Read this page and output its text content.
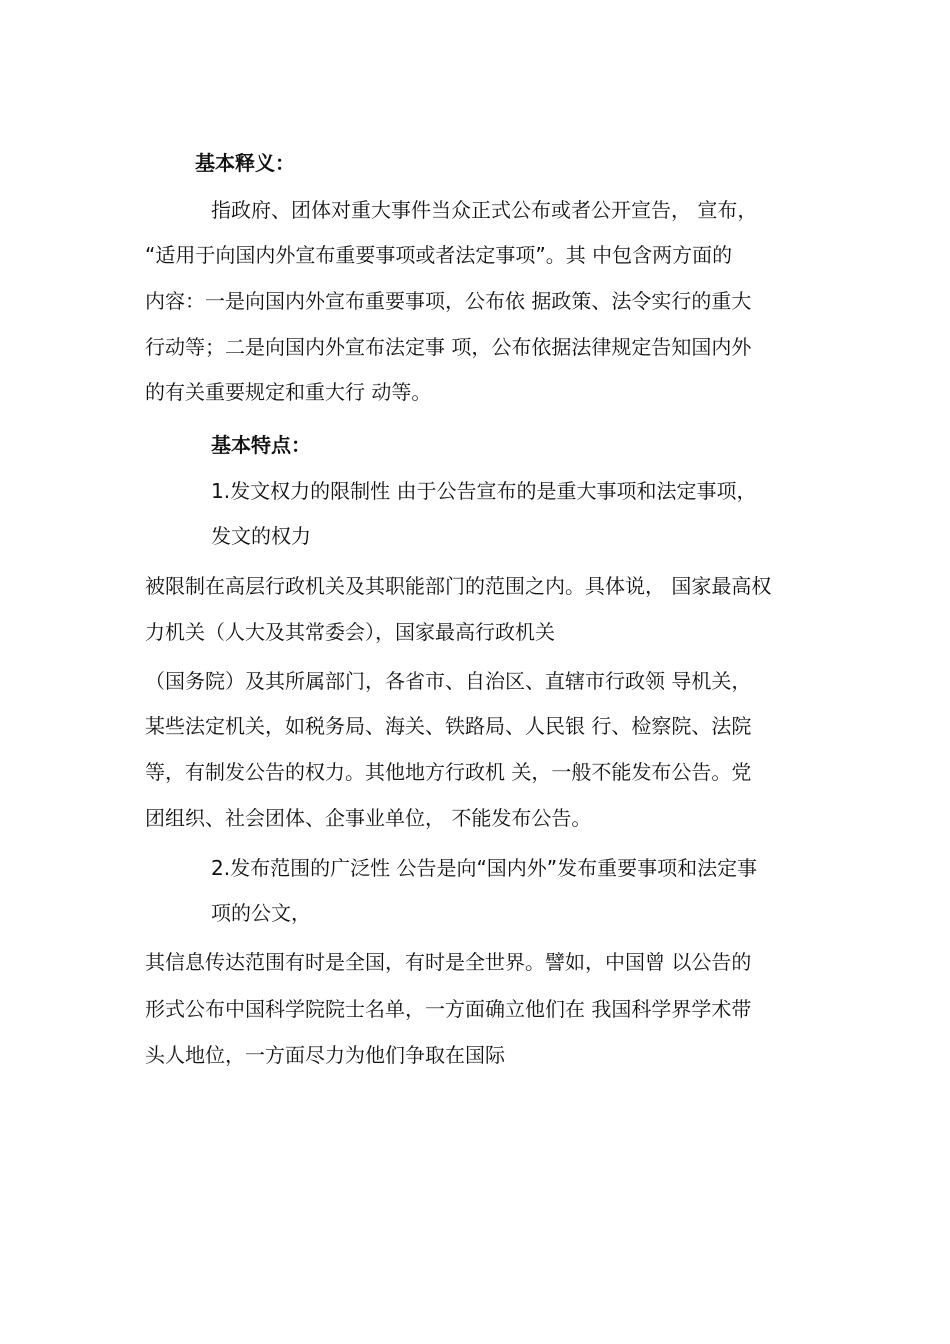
基本释义：
指政府、团体对重大事件当众正式公布或者公开宣告， 宣布，
“适用于向国内外宣布重要事项或者法定事项”。其 中包含两方面的
内容：一是向国内外宣布重要事项，公布依 据政策、法令实行的重大
行动等；二是向国内外宣布法定事 项，公布依据法律规定告知国内外
的有关重要规定和重大行 动等。
基本特点：
1.发文权力的限制性 由于公告宣布的是重大事项和法定事项，
发文的权力
被限制在高层行政机关及其职能部门的范围之内。具体说， 国家最高权
力机关（人大及其常委会），国家最高行政机关
（国务院）及其所属部门，各省市、自治区、直辖市行政领 导机关，
某些法定机关，如税务局、海关、铁路局、人民银 行、检察院、法院
等，有制发公告的权力。其他地方行政机 关，一般不能发布公告。党
团组织、社会团体、企事业单位， 不能发布公告。
2.发布范围的广泛性 公告是向“国内外”发布重要事项和法定事
项的公文，
其信息传达范围有时是全国，有时是全世界。譬如，中国曾 以公告的
形式公布中国科学院院士名单，一方面确立他们在 我国科学界学术带
头人地位，一方面尽力为他们争取在国际
